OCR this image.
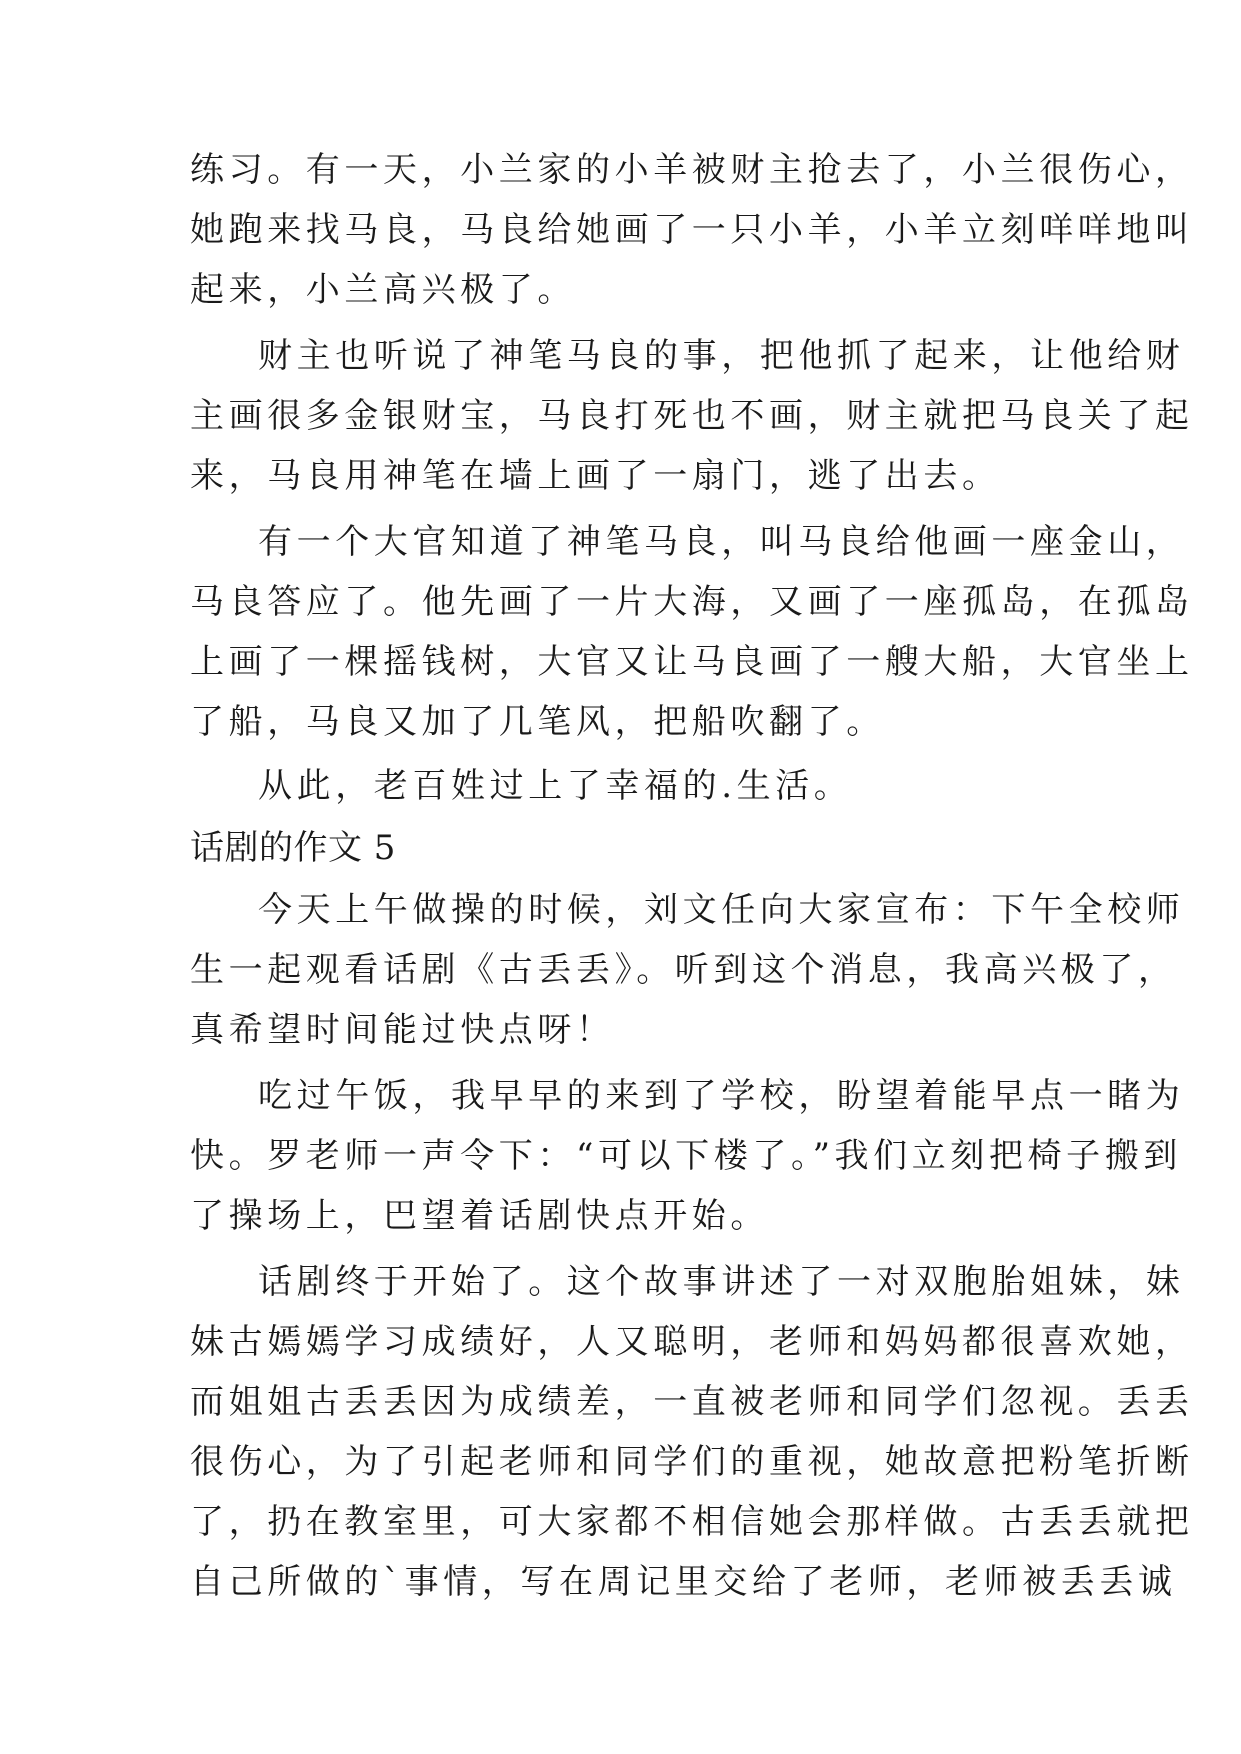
练习。有一天，小兰家的小羊被财主抢去了，小兰很伤心，
她跑来找马良，马良给她画了一只小羊，小羊立刻咩咩地叫
起来，小兰高兴极了。
财主也听说了神笔马良的事，把他抓了起来，让他给财
主画很多金银财宝，马良打死也不画，财主就把马良关了起
来，马良用神笔在墙上画了一扇门，逃了出去。
有一个大官知道了神笔马良，叫马良给他画一座金山，
马良答应了。他先画了一片大海，又画了一座孤岛，在孤岛
上画了一棵摇钱树，大官又让马良画了一艘大船，大官坐上
了船，马良又加了几笔风，把船吹翻了。
从此，老百姓过上了幸福的.生活。
话剧的作文 5
今天上午做操的时候，刘文任向大家宣布：下午全校师
生一起观看话剧《古丢丢》。听到这个消息，我高兴极了，
真希望时间能过快点呀！
吃过午饭，我早早的来到了学校，盼望着能早点一睹为
快。罗老师一声令下：“可以下楼了。”我们立刻把椅子搬到
了操场上，巴望着话剧快点开始。
话剧终于开始了。这个故事讲述了一对双胞胎姐妹，妹
妹古嫣嫣学习成绩好，人又聪明，老师和妈妈都很喜欢她，
而姐姐古丢丢因为成绩差，一直被老师和同学们忽视。丢丢
很伤心，为了引起老师和同学们的重视，她故意把粉笔折断
了，扔在教室里，可大家都不相信她会那样做。古丢丢就把
自己所做的`事情，写在周记里交给了老师，老师被丢丢诚
